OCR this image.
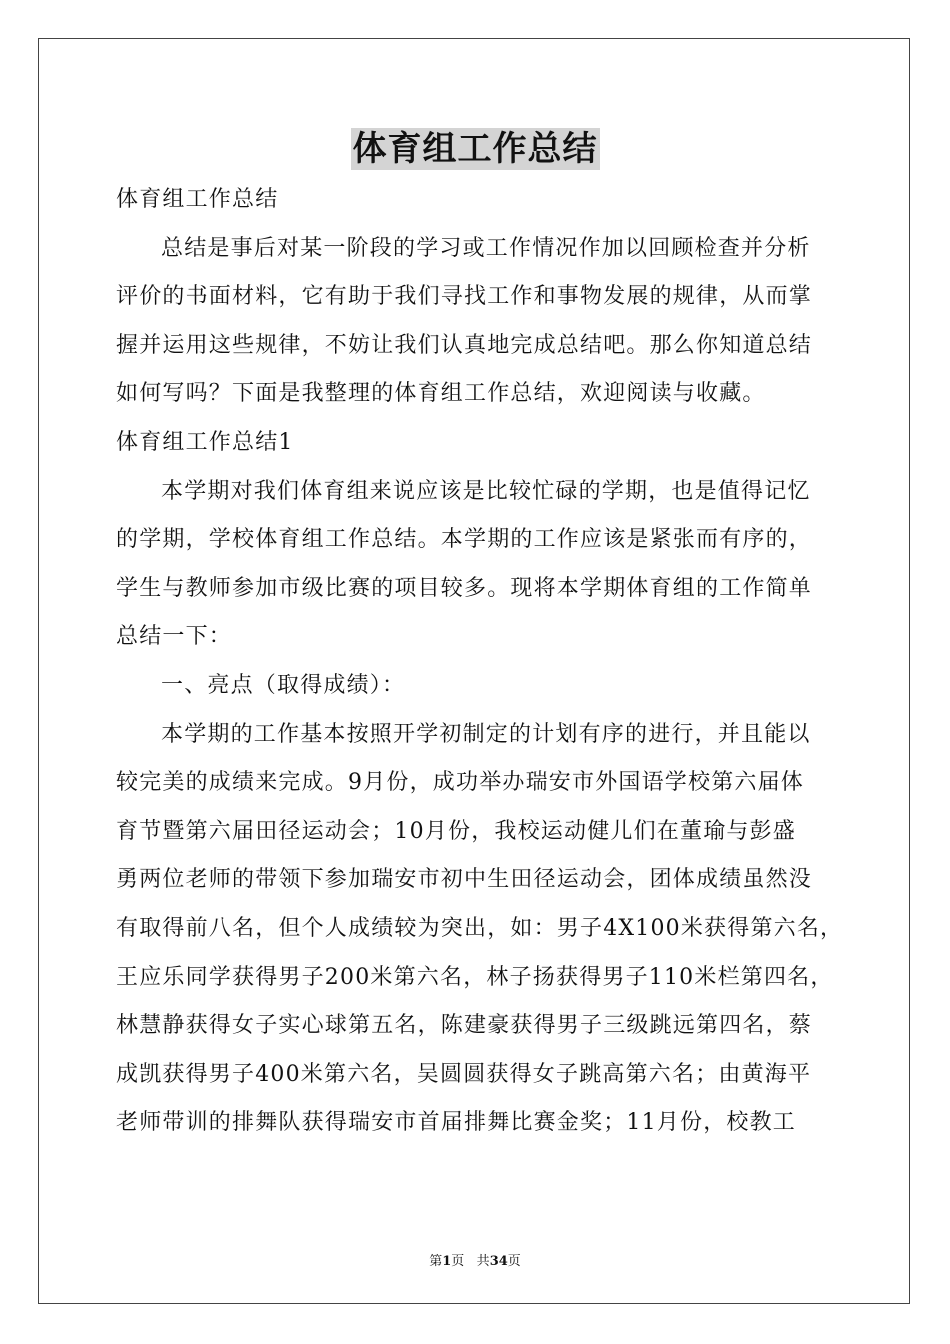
体育组工作总结
体育组工作总结
总结是事后对某一阶段的学习或工作情况作加以回顾检查并分析
评价的书面材料，它有助于我们寻找工作和事物发展的规律，从而掌
握并运用这些规律，不妨让我们认真地完成总结吧。那么你知道总结
如何写吗？下面是我整理的体育组工作总结，欢迎阅读与收藏。
体育组工作总结1
本学期对我们体育组来说应该是比较忙碌的学期，也是值得记忆
的学期，学校体育组工作总结。本学期的工作应该是紧张而有序的，
学生与教师参加市级比赛的项目较多。现将本学期体育组的工作简单
总结一下：
一、亮点（取得成绩）：
本学期的工作基本按照开学初制定的计划有序的进行，并且能以
较完美的成绩来完成。9月份，成功举办瑞安市外国语学校第六届体
育节暨第六届田径运动会；10月份，我校运动健儿们在董瑜与彭盛
勇两位老师的带领下参加瑞安市初中生田径运动会，团体成绩虽然没
有取得前八名，但个人成绩较为突出，如：男子4X100米获得第六名，
王应乐同学获得男子200米第六名，林子扬获得男子110米栏第四名，
林慧静获得女子实心球第五名，陈建豪获得男子三级跳远第四名，蔡
成凯获得男子400米第六名，吴圆圆获得女子跳高第六名；由黄海平
老师带训的排舞队获得瑞安市首届排舞比赛金奖；11月份，校教工
第1页 共34页
